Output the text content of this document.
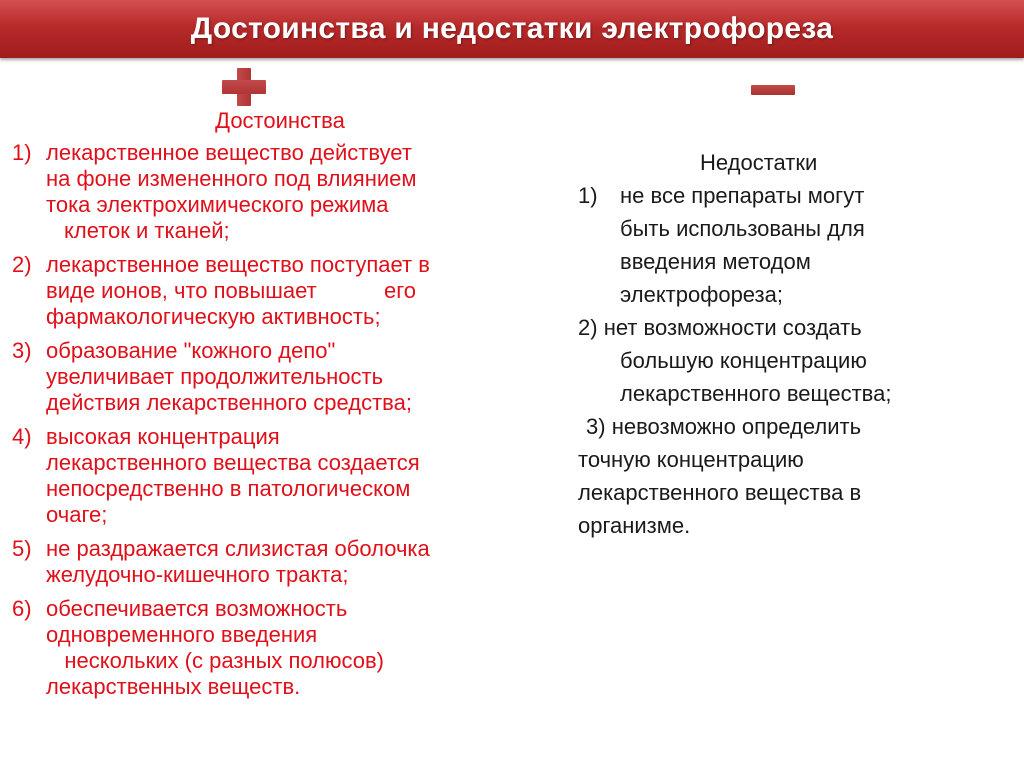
Достоинства и недостатки электрофореза
Достоинства
1) лекарственное вещество действует
на фоне измененного под влиянием
тока электрохимического режима
клеток и тканей;
2) лекарственное вещество поступает в
виде ионов, что повышает           его
фармакологическую активность;
3) образование "кожного депо"
увеличивает продолжительность
действия лекарственного средства;
4) высокая концентрация
лекарственного вещества создается
непосредственно в патологическом
очаге;
5) не раздражается слизистая оболочка
желудочно-кишечного тракта;
6) обеспечивается возможность
одновременного введения
нескольких (с разных полюсов)
лекарственных веществ.
Недостатки
1) не все препараты могут
быть использованы для
введения методом
электрофореза;
2) нет возможности создать
большую концентрацию
лекарственного вещества;
3) невозможно определить
точную концентрацию
лекарственного вещества в
организме.
